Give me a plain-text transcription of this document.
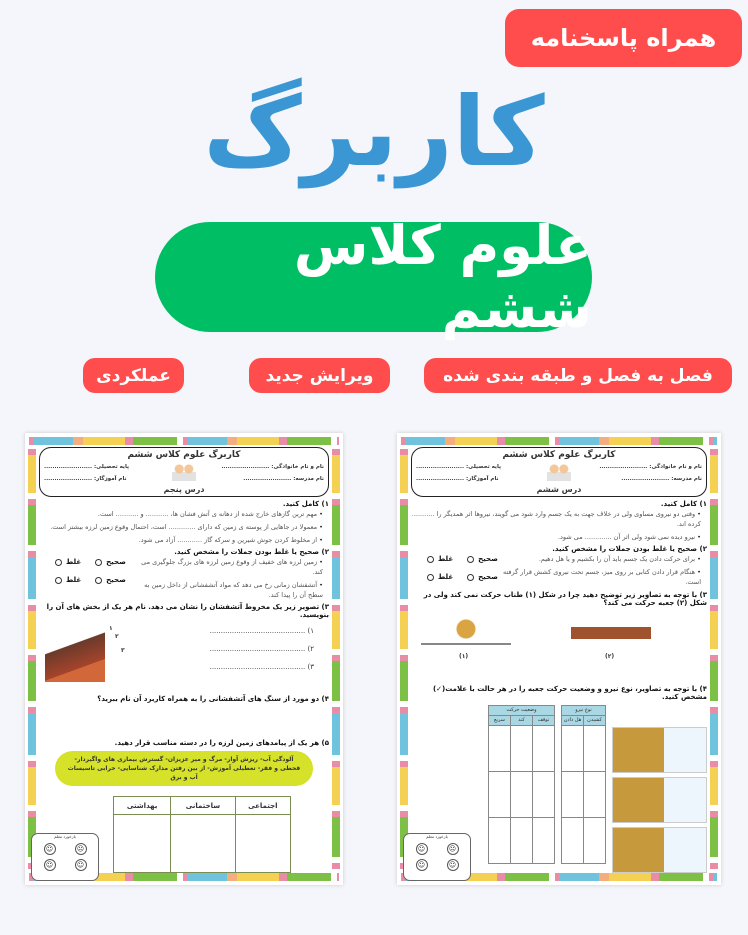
همراه پاسخنامه
کاربرگ
علوم کلاس ششم
فصل به فصل و طبقه بندی شده
ویرایش جدید
عملکردی
کاربرگ علوم کلاس ششم
نام و نام خانوادگی: .......................
پایه تحصیلی: .......................
نام مدرسه: .......................
نام آموزگار: .......................
درس پنجم
۱) کامل کنید.
• مهم ترین گازهای خارج شده از دهانه ی آتش فشان ها، ........... و ........... است.
• معمولا در جاهایی از پوسته ی زمین که دارای ............. است، احتمال وقوع زمین لرزه بیشتر است.
• از مخلوط کردن جوش شیرین و سرکه گاز ............ آزاد می شود.
۲) صحیح یا غلط بودن جملات را مشخص کنید.
• زمین لرزه های خفیف از وقوع زمین لرزه های بزرگ جلوگیری می کند.
صحیحغلط
• آتشفشان زمانی رخ می دهد که مواد آتشفشانی از داخل زمین به سطح آن را پیدا کند.
صحیحغلط
۳) تصویر زیر یک مخروط آتشفشان را نشان می دهد. نام هر یک از بخش های آن را بنویسید.
۱
۲
۳
۱) ...........................................
۲) ...........................................
۳) ...........................................
۴) دو مورد از سنگ های آتشفشانی را به همراه کاربرد آن نام ببرید؟
۵) هر یک از پیامدهای زمین لرزه را در دسته مناسب قرار دهید.
آلودگی آب- ریزش آوار- مرگ و میر عزیزان- گسترش بیماری های واگیردار- قحطی و فقر- تعطیلی آموزش- از بین رفتن مدارک شناسایی- خرابی تاسیسات آب و برق
اجتماعی	ساختمانی	بهداشتی

بازخورد معلم
☹
☺
☺
☺
کاربرگ علوم کلاس ششم
نام و نام خانوادگی: .......................
پایه تحصیلی: .......................
نام مدرسه: .......................
نام آموزگار: .......................
درس ششم
۱) کامل کنید.
• وقتی دو نیروی مساوی ولی در خلاف جهت به یک جسم وارد شود می گویند، نیروها اثر همدیگر را ........... کرده اند.
• نیرو دیده نمی شود ولی اثر آن ............. می شود.
۲) صحیح یا غلط بودن جملات را مشخص کنید.
• برای حرکت دادن یک جسم باید آن را بکشیم و یا هل دهیم.
صحیحغلط
• هنگام قرار دادن کتابی بر روی میز، جسم تحت نیروی کشش قرار گرفته است.
صحیحغلط
۳) با توجه به تصاویر زیر توضیح دهید چرا در شکل (۱) طناب حرکت نمی کند ولی در شکل (۲) جعبه حرکت می کند؟
(۱)	(۲)
۴) با توجه به تصاویر، نوع نیرو و وضعیت حرکت جعبه را در هر حالت با علامت(✓) مشخص کنید.
نوع نیرو	
کشیدن	هل دادن

وضعیت حرکت		
توقف	کند	سریع

بازخورد معلم
☹
☺
☺
☺
